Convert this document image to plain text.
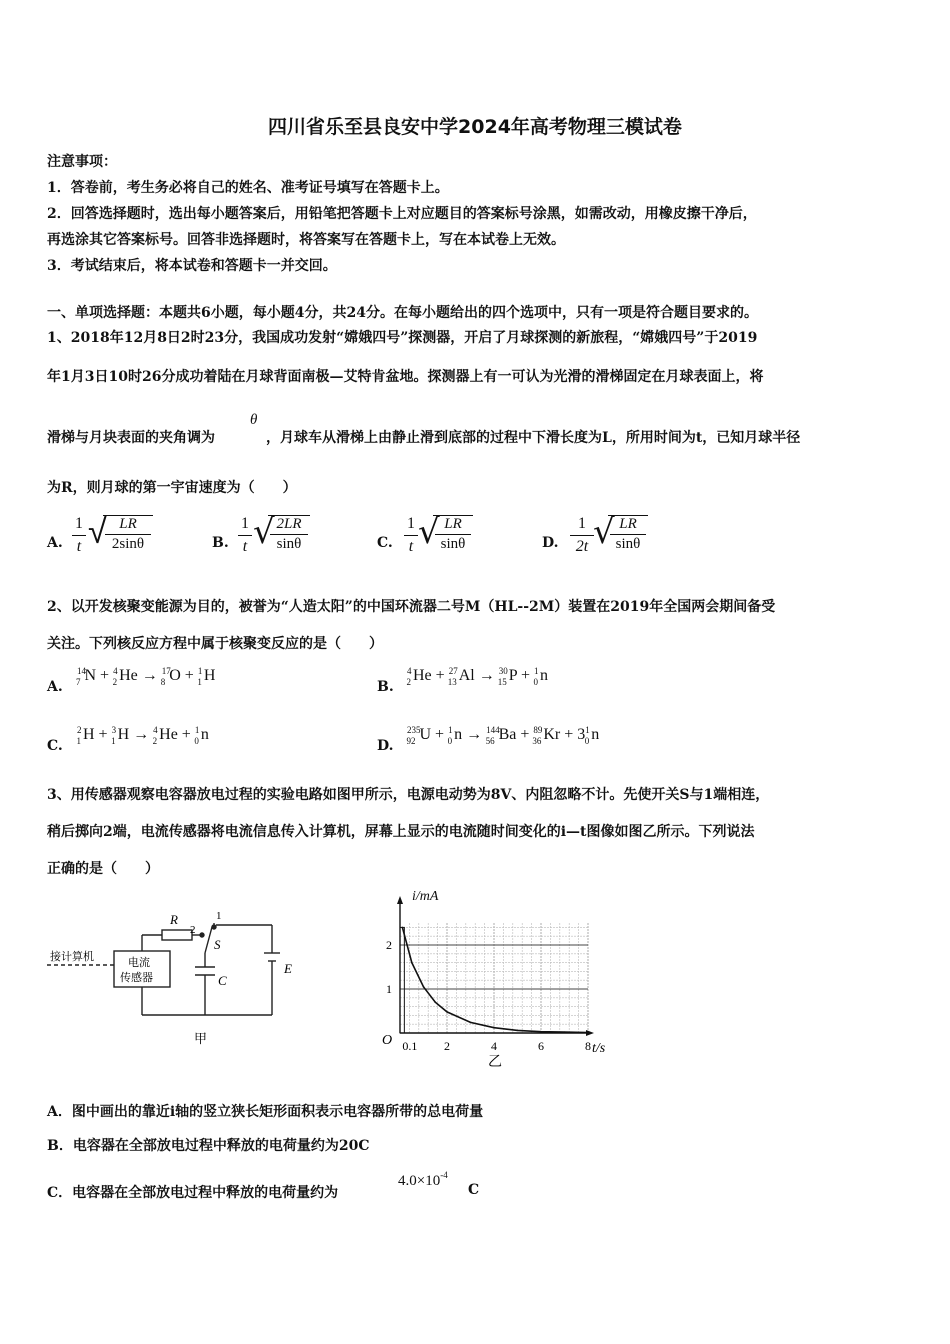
四川省乐至县良安中学2024年高考物理三模试卷
注意事项：
1．答卷前，考生务必将自己的姓名、准考证号填写在答题卡上。
2．回答选择题时，选出每小题答案后，用铅笔把答题卡上对应题目的答案标号涂黑，如需改动，用橡皮擦干净后，
再选涂其它答案标号。回答非选择题时，将答案写在答题卡上，写在本试卷上无效。
3．考试结束后，将本试卷和答题卡一并交回。
一、单项选择题：本题共6小题，每小题4分，共24分。在每小题给出的四个选项中，只有一项是符合题目要求的。
1、2018年12月8日2时23分，我国成功发射“嫦娥四号”探测器，开启了月球探测的新旅程，“嫦娥四号”于2019
年1月3日10时26分成功着陆在月球背面南极—艾特肯盆地。探测器上有一可认为光滑的滑梯固定在月球表面上，将
滑梯与月块表面的夹角调为
θ
，月球车从滑梯上由静止滑到底部的过程中下滑长度为L，所用时间为t，已知月球半径
为R，则月球的第一宇宙速度为（　　）
A.
1
t √ LR
2sinθ	B.
1
t √ 2LR
sinθ	C.
1
t √ LR
sinθ	D.
1
2t √ LR
sinθ
2、以开发核聚变能源为目的，被誉为“人造太阳”的中国环流器二号M（HL--2M）装置在2019年全国两会期间备受
关注。下列核反应方程中属于核聚变反应的是（　　）
A.
$^{14}_7$ N + $^4_2$ He → $^{17}_8$ O + $^1_1$ H
B.
$^4_2$ He + $^{27}_{13}$ Al → $^{30}_{15}$ P + $^1_0$ n
C.
$^2_1$ H + $^3_1$ H → $^4_2$ He + $^1_0$ n
D.
$^{235}_{92}$ U + $^1_0$ n → $^{144}_{56}$ Ba + $^{89}_{36}$ $Kr + 3^1_0$ n
3、用传感器观察电容器放电过程的实验电路如图甲所示，电源电动势为8V、内阻忽略不计。先使开关S与1端相连，
稍后掷向2端，电流传感器将电流信息传入计算机，屏幕上显示的电流随时间变化的i—t图像如图乙所示。下列说法
正确的是（　　）
接计算机	电流
传感器
R
2
1
S
C
E
甲	0.1 2	4	6	8
2
1
O
t/s
乙
i/mA
A．图中画出的靠近i轴的竖立狭长矩形面积表示电容器所带的总电荷量
B．电容器在全部放电过程中释放的电荷量约为20C
C．电容器在全部放电过程中释放的电荷量约为
$4.0\times 10^{-4}$
C
